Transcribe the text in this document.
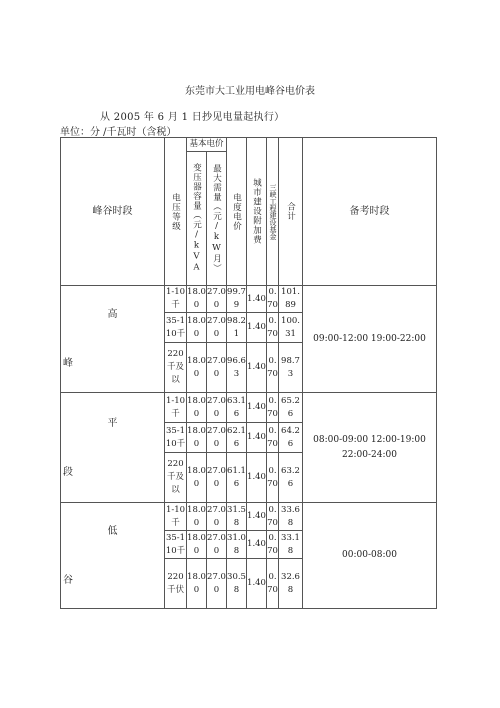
东莞市大工业用电峰谷电价表
从 2005 年 6 月 1 日抄见电量起执行）
单位：分 /千瓦时（含税）
峰谷时段	电压等级	基本电价		电度电价	城市建设附加费	三峡工程建设基金	合计	备考时段

		变压器容量（元/kVA	最大需量（元/kW月）					

高
峰	1-10千	18.00	27.00	99.79	1.40	0.70	101.89	09:00-12:00 19:00-22:00
	35-110千	18.00	27.00	98.21	1.40	0.70	100.31	
	220千及以	18.00	27.00	96.63	1.40	0.70	98.73	

平
段	1-10千	18.00	27.00	63.16	1.40	0.70	65.26	08:00-09:00 12:00-19:00 22:00-24:00
	35-110千	18.00	27.00	62.16	1.40	0.70	64.26	
	220千及以	18.00	27.00	61.16	1.40	0.70	63.26	

低
谷	1-10千	18.00	27.00	31.58	1.40	0.70	33.68	00:00-08:00
	35-110千	18.00	27.00	31.08	1.40	0.70	33.18	
	220千伏	18.00	27.00	30.58	1.40	0.70	32.68	
